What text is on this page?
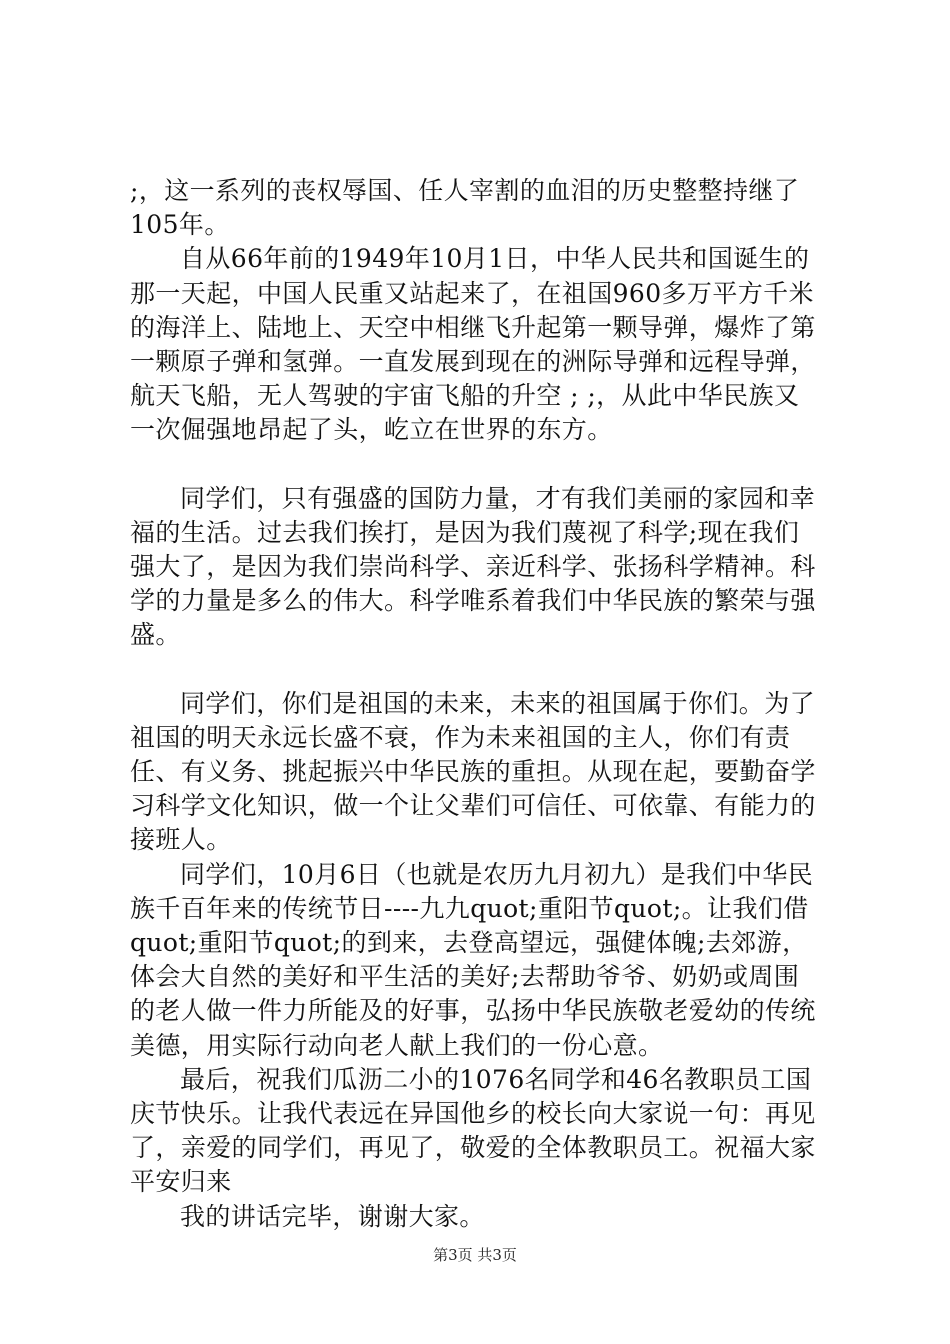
;，这一系列的丧权辱国、任人宰割的血泪的历史整整持继了105年。

自从66年前的1949年10月1日，中华人民共和国诞生的那一天起，中国人民重又站起来了，在祖国960多万平方千米的海洋上、陆地上、天空中相继飞升起第一颗导弹，爆炸了第一颗原子弹和氢弹。一直发展到现在的洲际导弹和远程导弹，航天飞船，无人驾驶的宇宙飞船的升空 ; ;，从此中华民族又一次倔强地昂起了头，屹立在世界的东方。

同学们，只有强盛的国防力量，才有我们美丽的家园和幸福的生活。过去我们挨打，是因为我们蔑视了科学;现在我们强大了，是因为我们崇尚科学、亲近科学、张扬科学精神。科学的力量是多么的伟大。科学唯系着我们中华民族的繁荣与强盛。

同学们，你们是祖国的未来，未来的祖国属于你们。为了祖国的明天永远长盛不衰，作为未来祖国的主人，你们有责任、有义务、挑起振兴中华民族的重担。从现在起，要勤奋学习科学文化知识，做一个让父辈们可信任、可依靠、有能力的接班人。

同学们，10月6日（也就是农历九月初九）是我们中华民族千百年来的传统节日----九九quot;重阳节quot;。让我们借quot;重阳节quot;的到来，去登高望远，强健体魄;去郊游，体会大自然的美好和平生活的美好;去帮助爷爷、奶奶或周围的老人做一件力所能及的好事，弘扬中华民族敬老爱幼的传统美德，用实际行动向老人献上我们的一份心意。

最后，祝我们瓜沥二小的1076名同学和46名教职员工国庆节快乐。让我代表远在异国他乡的校长向大家说一句：再见了，亲爱的同学们，再见了，敬爱的全体教职员工。祝福大家平安归来

我的讲话完毕，谢谢大家。

第3页 共3页
